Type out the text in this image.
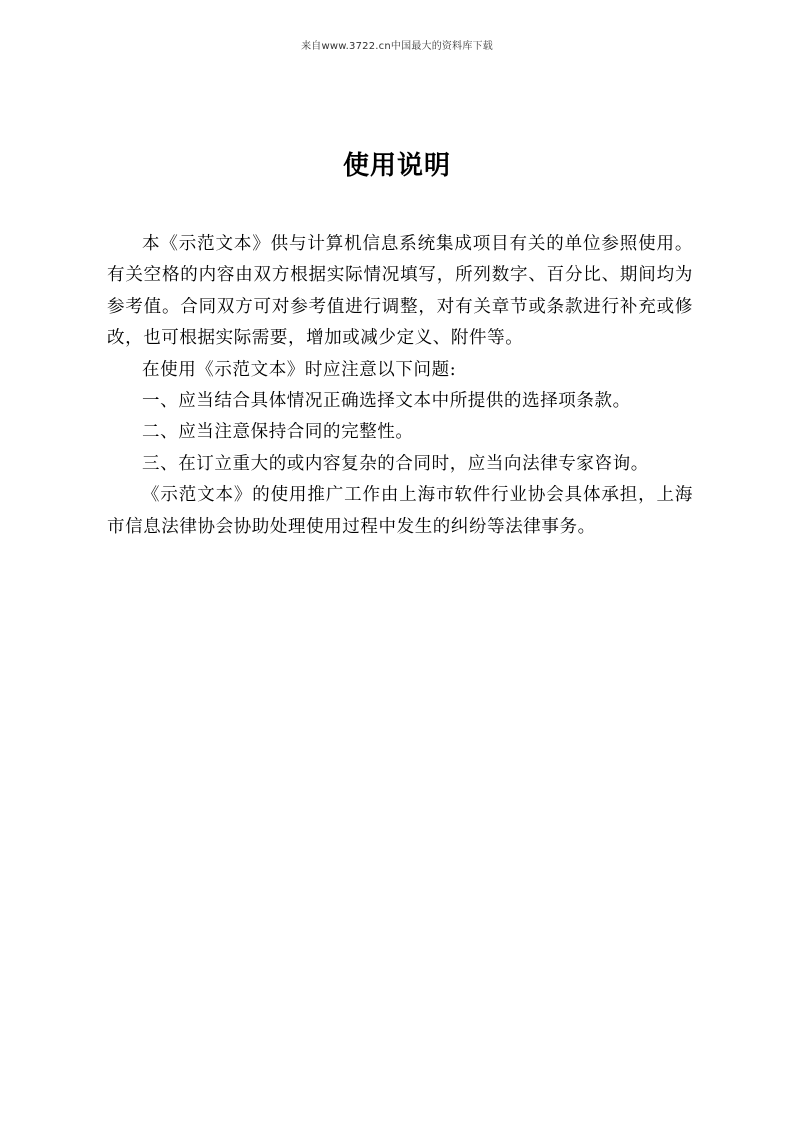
来自www.3722.cn中国最大的资料库下载
使用说明

本《示范文本》供与计算机信息系统集成项目有关的单位参照使用。有关空格的内容由双方根据实际情况填写，所列数字、百分比、期间均为参考值。合同双方可对参考值进行调整，对有关章节或条款进行补充或修改，也可根据实际需要，增加或减少定义、附件等。

在使用《示范文本》时应注意以下问题:

一、应当结合具体情况正确选择文本中所提供的选择项条款。

二、应当注意保持合同的完整性。

三、在订立重大的或内容复杂的合同时，应当向法律专家咨询。

《示范文本》的使用推广工作由上海市软件行业协会具体承担，上海市信息法律协会协助处理使用过程中发生的纠纷等法律事务。
